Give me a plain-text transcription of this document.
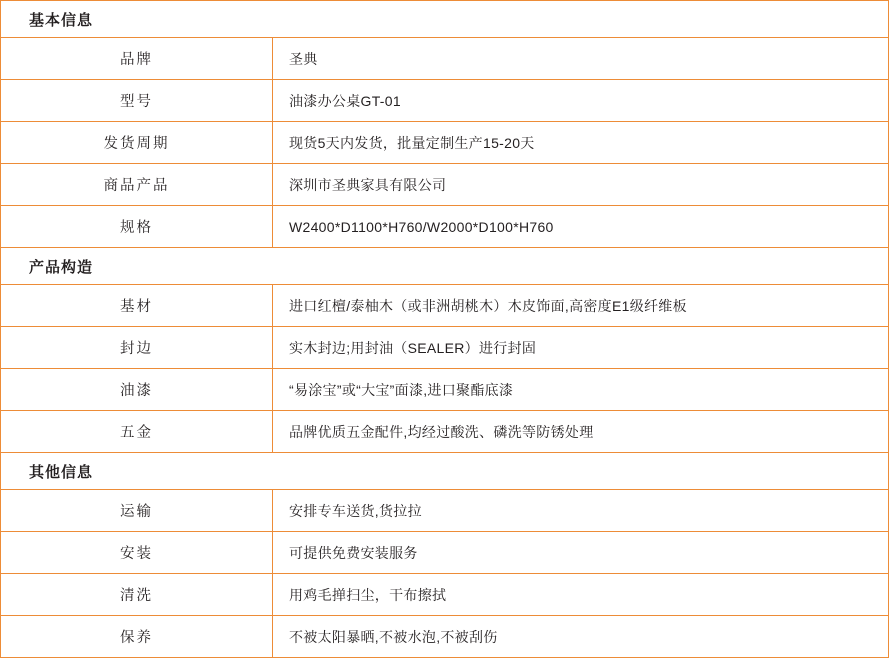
基本信息	
品牌	圣典
型号	油漆办公桌GT-01
发货周期	现货5天内发货，批量定制生产15-20天
商品产品	深圳市圣典家具有限公司
规格	W2400*D1100*H760/W2000*D100*H760
产品构造	
基材	进口红檀/泰柚木（或非洲胡桃木）木皮饰面,高密度E1级纤维板
封边	实木封边;用封油（SEALER）进行封固
油漆	“易涂宝”或“大宝”面漆,进口聚酯底漆
五金	品牌优质五金配件,均经过酸洗、磷洗等防锈处理
其他信息	
运输	安排专车送货,货拉拉
安装	可提供免费安装服务
清洗	用鸡毛掸扫尘，干布擦拭
保养	不被太阳暴晒,不被水泡,不被刮伤
